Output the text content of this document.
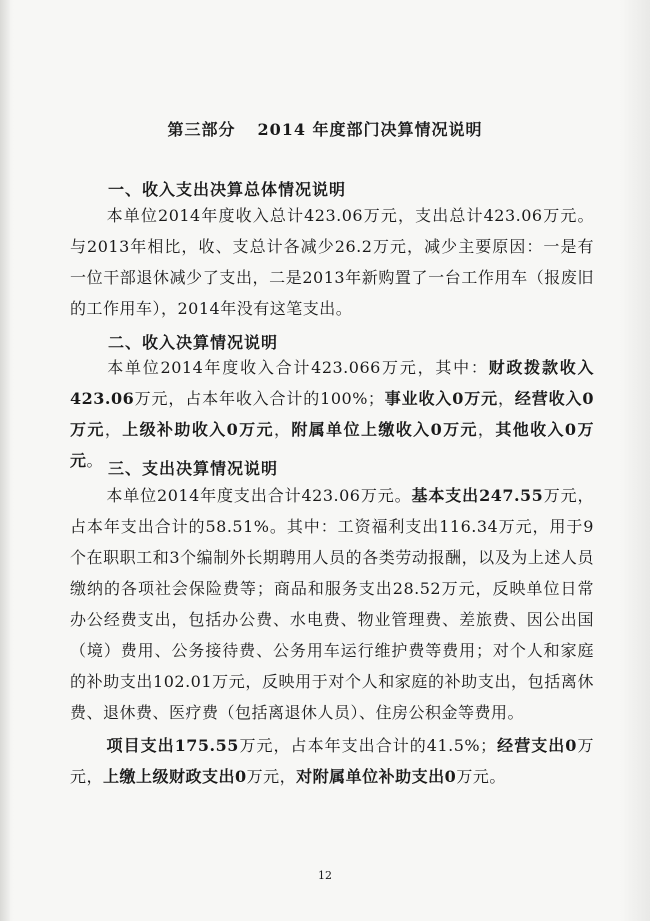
第三部分 2014 年度部门决算情况说明
一、收入支出决算总体情况说明
本单位2014年度收入总计423.06万元，支出总计423.06万元。与2013年相比，收、支总计各减少26.2万元，减少主要原因：一是有一位干部退休减少了支出，二是2013年新购置了一台工作用车（报废旧的工作用车），2014年没有这笔支出。
二、收入决算情况说明
本单位2014年度收入合计423.066万元，其中：财政拨款收入423.06万元，占本年收入合计的100%；事业收入0万元，经营收入0万元，上级补助收入0万元，附属单位上缴收入0万元，其他收入0万元。 三、支出决算情况说明
本单位2014年度支出合计423.06万元。基本支出247.55万元，占本年支出合计的58.51%。其中：工资福利支出116.34万元，用于9个在职职工和3个编制外长期聘用人员的各类劳动报酬，以及为上述人员缴纳的各项社会保险费等；商品和服务支出28.52万元，反映单位日常办公经费支出，包括办公费、水电费、物业管理费、差旅费、因公出国（境）费用、公务接待费、公务用车运行维护费等费用；对个人和家庭的补助支出102.01万元，反映用于对个人和家庭的补助支出，包括离休费、退休费、医疗费（包括离退休人员）、住房公积金等费用。
项目支出175.55万元，占本年支出合计的41.5%；经营支出0万元，上缴上级财政支出0万元，对附属单位补助支出0万元。
12
